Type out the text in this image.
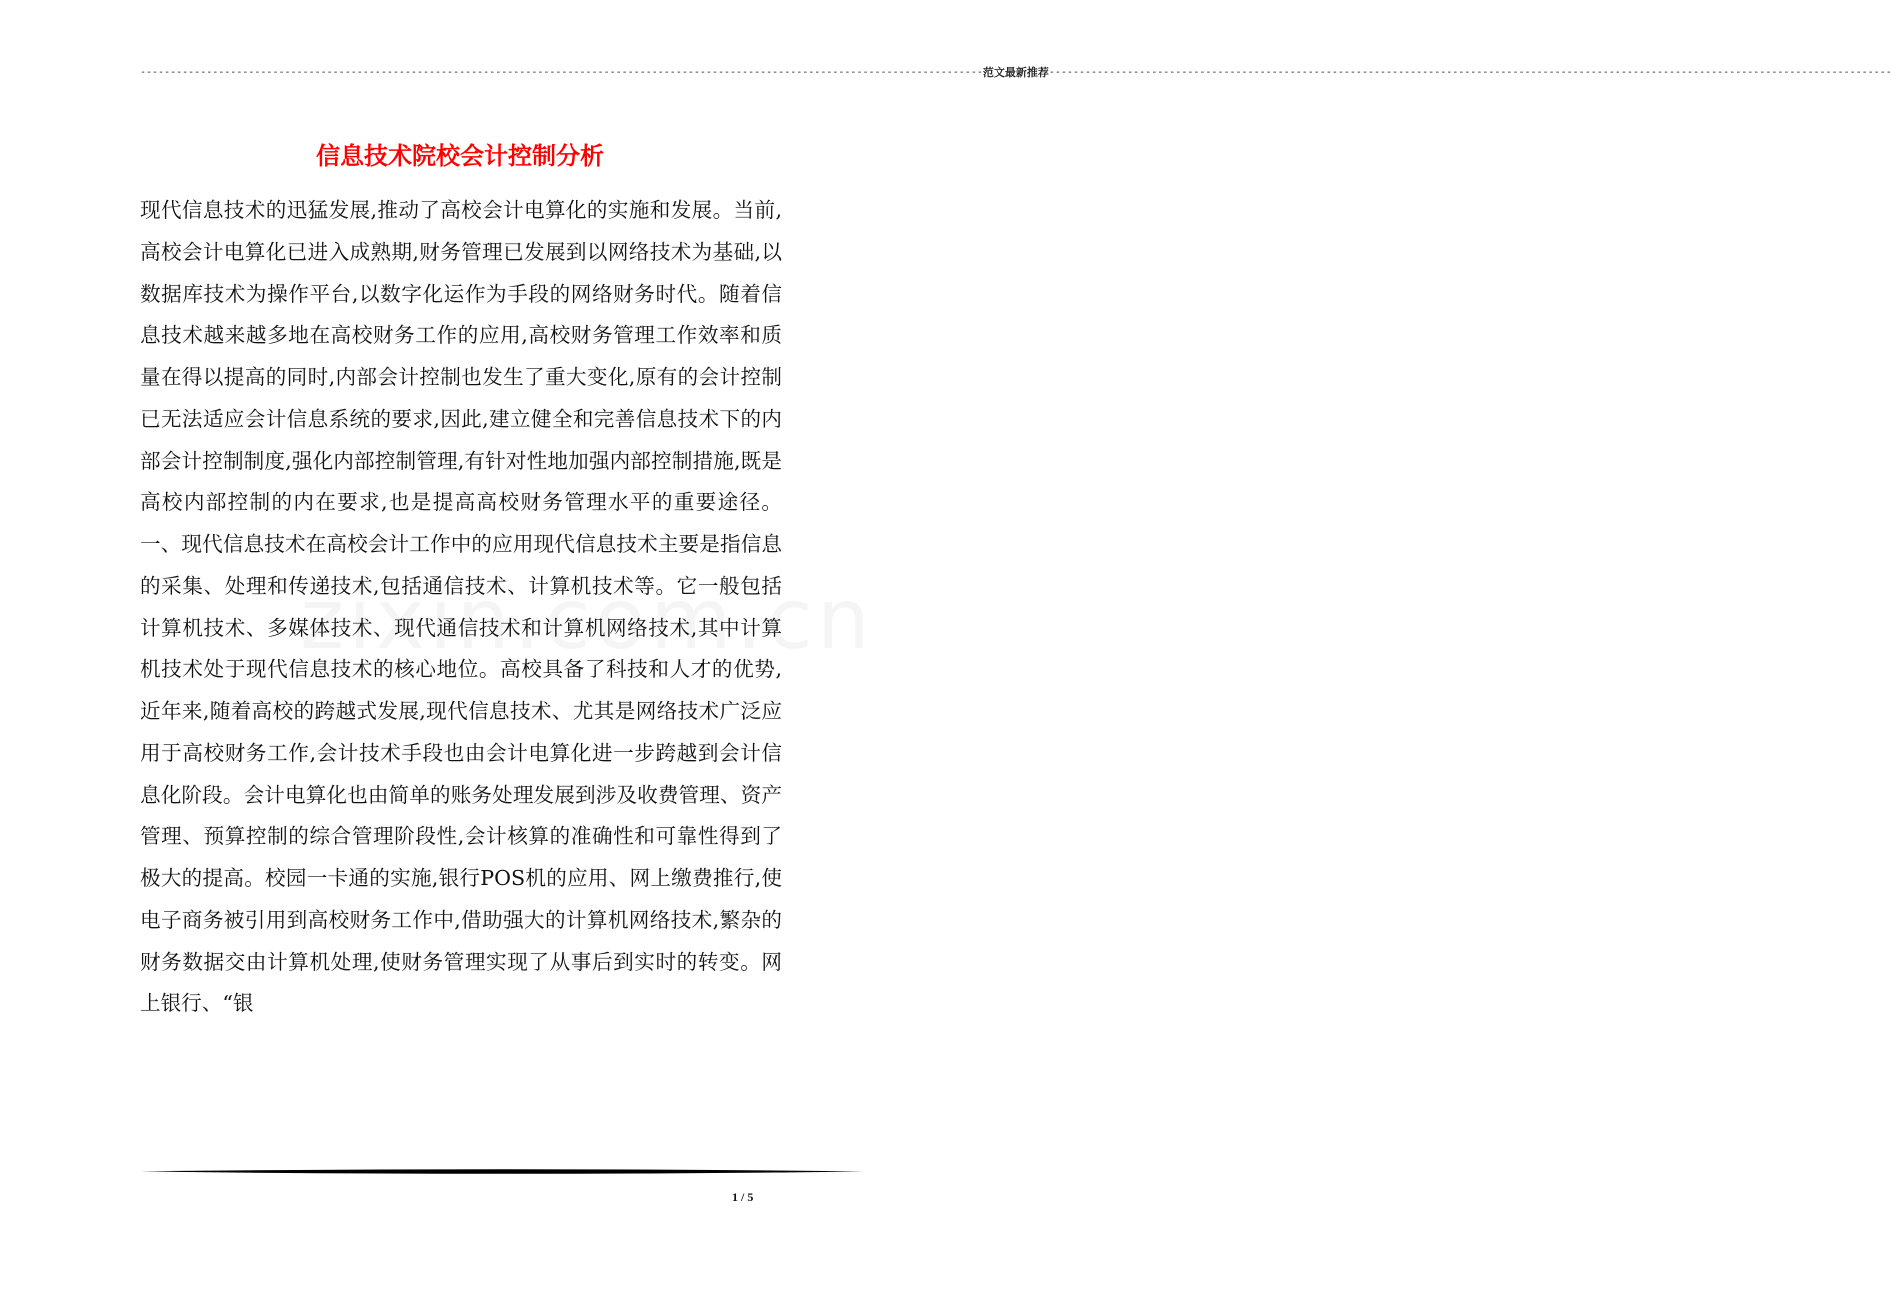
-------------------------------------------------------------------------------------------------------------------------------------------- 范文最新推荐 --------------------------------------------------------------------------------------------------------------------------------------------
信息技术院校会计控制分析

现代信息技术的迅猛发展,推动了高校会计电算化的实施和发展。当前,高校会计电算化已进入成熟期,财务管理已发展到以网络技术为基础,以数据库技术为操作平台,以数字化运作为手段的网络财务时代。随着信息技术越来越多地在高校财务工作的应用,高校财务管理工作效率和质量在得以提高的同时,内部会计控制也发生了重大变化,原有的会计控制已无法适应会计信息系统的要求,因此,建立健全和完善信息技术下的内部会计控制制度,强化内部控制管理,有针对性地加强内部控制措施,既是高校内部控制的内在要求,也是提高高校财务管理水平的重要途径。一、现代信息技术在高校会计工作中的应用现代信息技术主要是指信息的采集、处理和传递技术,包括通信技术、计算机技术等。它一般包括计算机技术、多媒体技术、现代通信技术和计算机网络技术,其中计算机技术处于现代信息技术的核心地位。高校具备了科技和人才的优势,近年来,随着高校的跨越式发展,现代信息技术、尤其是网络技术广泛应用于高校财务工作,会计技术手段也由会计电算化进一步跨越到会计信息化阶段。会计电算化也由简单的账务处理发展到涉及收费管理、资产管理、预算控制的综合管理阶段性,会计核算的准确性和可靠性得到了极大的提高。校园一卡通的实施,银行POS机的应用、网上缴费推行,使电子商务被引用到高校财务工作中,借助强大的计算机网络技术,繁杂的财务数据交由计算机处理,使财务管理实现了从事后到实时的转变。网上银行、“银

1 / 5
